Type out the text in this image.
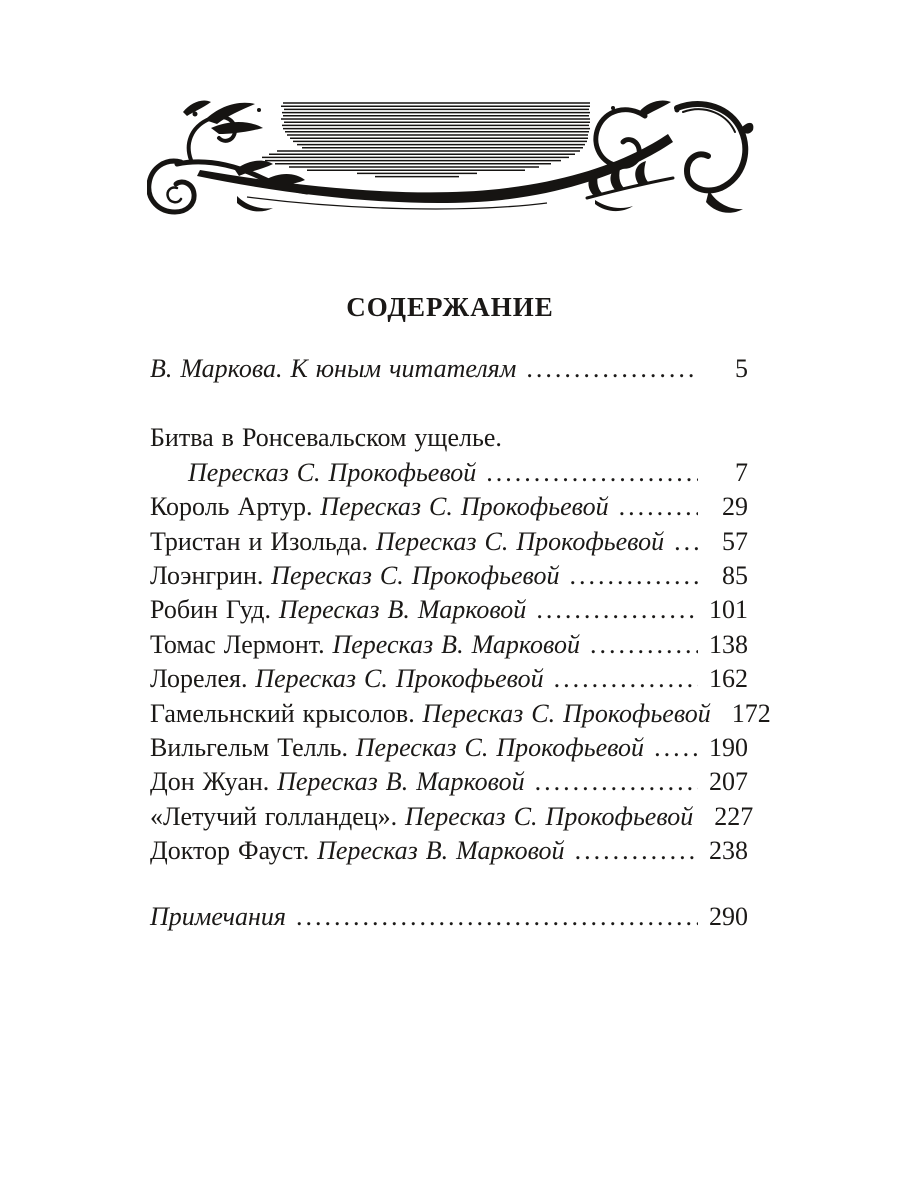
СОДЕРЖАНИЕ
В. Маркова. К юным читателям .....	5
Битва в Ронсевальском ущелье.
Пересказ С. Прокофьевой .....	7
Король Артур. Пересказ С. Прокофьевой .....	29
Тристан и Изольда. Пересказ С. Прокофьевой .....	57
Лоэнгрин. Пересказ С. Прокофьевой .....	85
Робин Гуд. Пересказ В. Марковой .....	101
Томас Лермонт. Пересказ В. Марковой .....	138
Лорелея. Пересказ С. Прокофьевой .....	162
Гамельнский крысолов. Пересказ С. Прокофьевой 172
Вильгельм Телль. Пересказ С. Прокофьевой ..... 190
Дон Жуан. Пересказ В. Марковой .....	207
«Летучий голландец». Пересказ С. Прокофьевой 227
Доктор Фауст. Пересказ В. Марковой .....	238
Примечания .....	290
